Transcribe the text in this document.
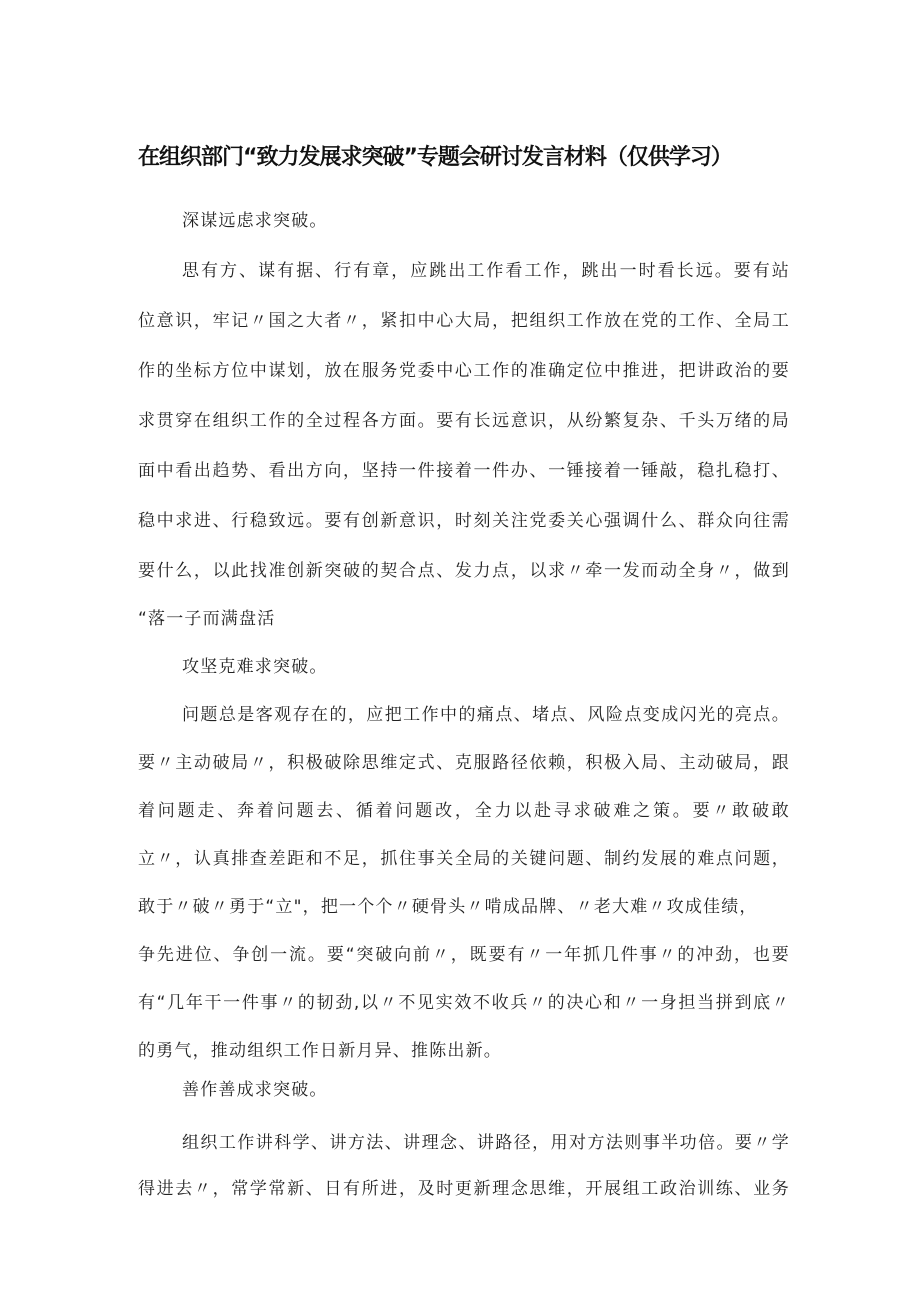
在组织部门“致力发展求突破”专题会研讨发言材料（仅供学习）
深谋远虑求突破。
思有方、谋有据、行有章，应跳出工作看工作，跳出一时看长远。要有站
位意识，牢记〃国之大者〃，紧扣中心大局，把组织工作放在党的工作、全局工
作的坐标方位中谋划，放在服务党委中心工作的准确定位中推进，把讲政治的要
求贯穿在组织工作的全过程各方面。要有长远意识，从纷繁复杂、千头万绪的局
面中看出趋势、看出方向，坚持一件接着一件办、一锤接着一锤敲，稳扎稳打、
稳中求进、行稳致远。要有创新意识，时刻关注党委关心强调什么、群众向往需
要什么，以此找准创新突破的契合点、发力点，以求〃牵一发而动全身〃，做到
“落一子而满盘活
攻坚克难求突破。
问题总是客观存在的，应把工作中的痛点、堵点、风险点变成闪光的亮点。
要〃主动破局〃，积极破除思维定式、克服路径依赖，积极入局、主动破局，跟
着问题走、奔着问题去、循着问题改，全力以赴寻求破难之策。要〃敢破敢
立〃，认真排查差距和不足，抓住事关全局的关键问题、制约发展的难点问题，
敢于〃破〃勇于“立"，把一个个〃硬骨头〃啃成品牌、〃老大难〃攻成佳绩，
争先进位、争创一流。要“突破向前〃，既要有〃一年抓几件事〃的冲劲，也要
有“几年干一件事〃的韧劲,以〃不见实效不收兵〃的决心和〃一身担当拼到底〃
的勇气，推动组织工作日新月异、推陈出新。
善作善成求突破。
组织工作讲科学、讲方法、讲理念、讲路径，用对方法则事半功倍。要〃学
得进去〃，常学常新、日有所进，及时更新理念思维，开展组工政治训练、业务
